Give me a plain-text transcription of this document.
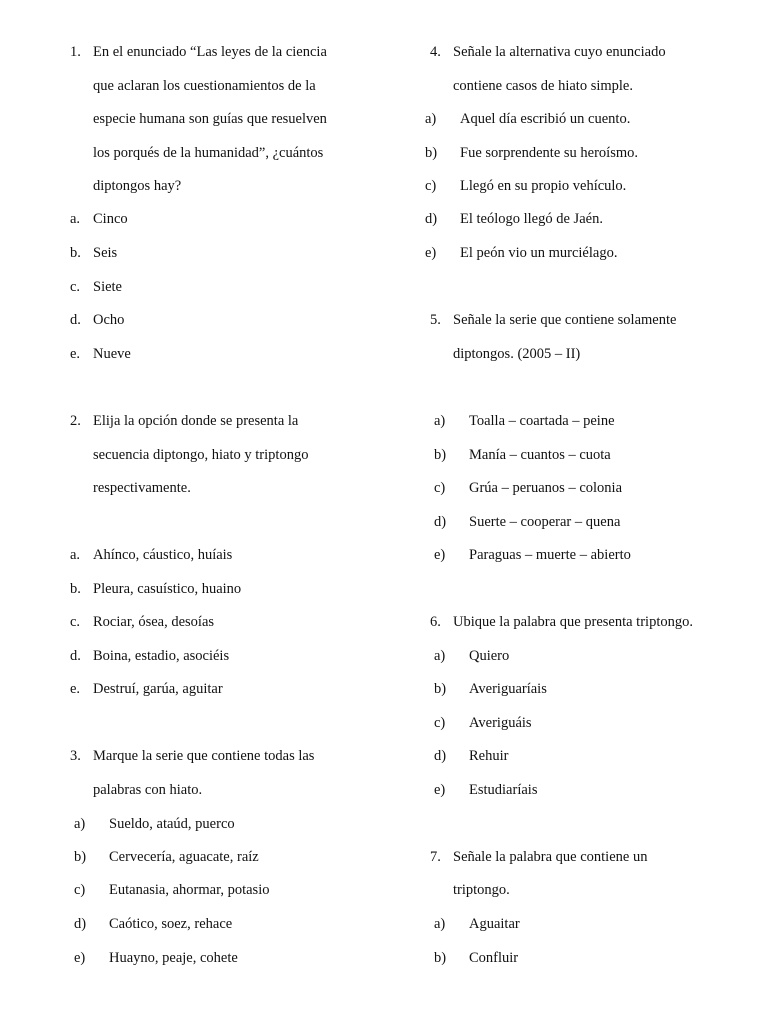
1. En el enunciado “Las leyes de la ciencia
que aclaran los cuestionamientos de la
especie humana son guías que resuelven
los porqués de la humanidad”, ¿cuántos
diptongos hay?
a. Cinco
b. Seis
c. Siete
d. Ocho
e. Nueve
2. Elija la opción donde se presenta la
secuencia diptongo, hiato y triptongo
respectivamente.
a. Ahínco, cáustico, huíais
b. Pleura, casuístico, huaino
c. Rociar, ósea, desoías
d. Boina, estadio, asociéis
e. Destruí, garúa, aguitar
3. Marque la serie que contiene todas las
palabras con hiato.
a) Sueldo, ataúd, puerco
b) Cervecería, aguacate, raíz
c) Eutanasia, ahormar, potasio
d) Caótico, soez, rehace
e) Huayno, peaje, cohete
4. Señale la alternativa cuyo enunciado
contiene casos de hiato simple.
a) Aquel día escribió un cuento.
b) Fue sorprendente su heroísmo.
c) Llegó en su propio vehículo.
d) El teólogo llegó de Jaén.
e) El peón vio un murciélago.
5. Señale la serie que contiene solamente
diptongos. (2005 – II)
a) Toalla – coartada – peine
b) Manía – cuantos – cuota
c) Grúa – peruanos – colonia
d) Suerte – cooperar – quena
e) Paraguas – muerte – abierto
6. Ubique la palabra que presenta triptongo.
a) Quiero
b) Averiguaríais
c) Averiguáis
d) Rehuir
e) Estudiaríais
7. Señale la palabra que contiene un
triptongo.
a) Aguaitar
b) Confluir
